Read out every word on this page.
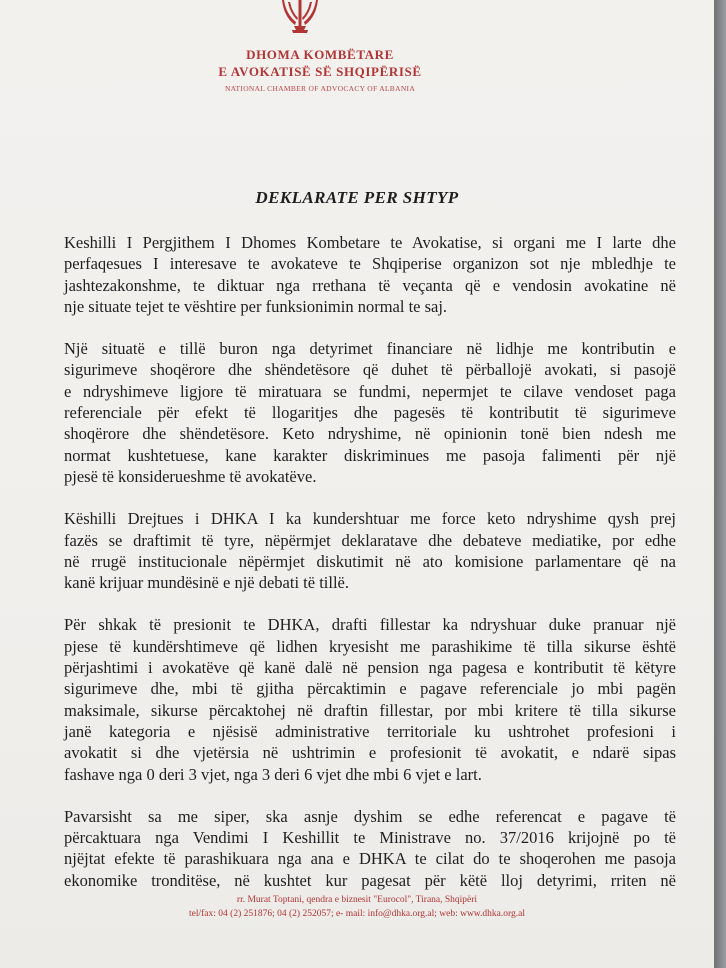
DHOMA KOMBËTARE
E AVOKATISË SË SHQIPËRISË
NATIONAL CHAMBER OF ADVOCACY OF ALBANIA
DEKLARATE PER SHTYP
Keshilli I Pergjithem I Dhomes Kombetare te Avokatise, si organi me I larte dhe
perfaqesues I interesave te avokateve te Shqiperise organizon sot nje mbledhje te
jashtezakonshme, te diktuar nga rrethana të veçanta që e vendosin avokatine në
nje situate tejet te vështire per funksionimin normal te saj.
Një situatë e tillë buron nga detyrimet financiare në lidhje me kontributin e
sigurimeve shoqërore dhe shëndetësore që duhet të përballojë avokati, si pasojë
e ndryshimeve ligjore të miratuara se fundmi, nepermjet te cilave vendoset paga
referenciale për efekt të llogaritjes dhe pagesës të kontributit të sigurimeve
shoqërore dhe shëndetësore. Keto ndryshime, në opinionin tonë bien ndesh me
normat kushtetuese, kane karakter diskriminues me pasoja falimenti për një
pjesë të konsiderueshme të avokatëve.
Këshilli Drejtues i DHKA I ka kundershtuar me force keto ndryshime qysh prej
fazës se draftimit të tyre, nëpërmjet deklaratave dhe debateve mediatike, por edhe
në rrugë institucionale nëpërmjet diskutimit në ato komisione parlamentare që na
kanë krijuar mundësinë e një debati të tillë.
Për shkak të presionit te DHKA, drafti fillestar ka ndryshuar duke pranuar një
pjese të kundërshtimeve që lidhen kryesisht me parashikime të tilla sikurse është
përjashtimi i avokatëve që kanë dalë në pension nga pagesa e kontributit të këtyre
sigurimeve dhe, mbi të gjitha përcaktimin e pagave referenciale jo mbi pagën
maksimale, sikurse përcaktohej në draftin fillestar, por mbi kritere të tilla sikurse
janë kategoria e njësisë administrative territoriale ku ushtrohet profesioni i
avokatit si dhe vjetërsia në ushtrimin e profesionit të avokatit, e ndarë sipas
fashave nga 0 deri 3 vjet, nga 3 deri 6 vjet dhe mbi 6 vjet e lart.
Pavarsisht sa me siper, ska asnje dyshim se edhe referencat e pagave të
përcaktuara nga Vendimi I Keshillit te Ministrave no. 37/2016 krijojnë po të
njëjtat efekte të parashikuara nga ana e DHKA te cilat do te shoqerohen me pasoja
ekonomike tronditëse, në kushtet kur pagesat për këtë lloj detyrimi, rriten në
rr. Murat Toptani, qendra e biznesit "Eurocol", Tirana, Shqipëri
tel/fax: 04 (2) 251876; 04 (2) 252057; e- mail: info@dhka.org.al; web: www.dhka.org.al
